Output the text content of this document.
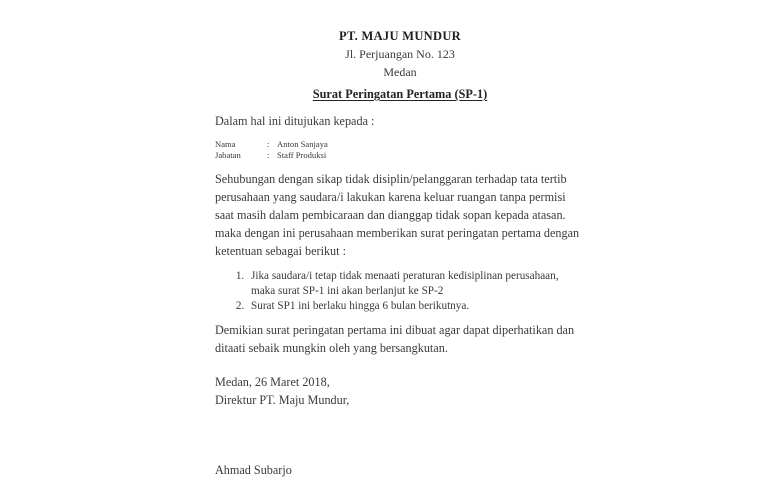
PT. MAJU MUNDUR
Jl. Perjuangan No. 123
Medan
Surat Peringatan Pertama (SP-1)
Dalam hal ini ditujukan kepada :
Nama	: Anton Sanjaya
Jabatan	: Staff Produksi
Sehubungan dengan sikap tidak disiplin/pelanggaran terhadap tata tertib perusahaan yang saudara/i lakukan karena keluar ruangan tanpa permisi saat masih dalam pembicaraan dan dianggap tidak sopan kepada atasan. maka dengan ini perusahaan memberikan surat peringatan pertama dengan ketentuan sebagai berikut :
1. Jika saudara/i tetap tidak menaati peraturan kedisiplinan perusahaan, maka surat SP-1 ini akan berlanjut ke SP-2
2. Surat SP1 ini berlaku hingga 6 bulan berikutnya.
Demikian surat peringatan pertama ini dibuat agar dapat diperhatikan dan ditaati sebaik mungkin oleh yang bersangkutan.
Medan, 26 Maret 2018,
Direktur PT. Maju Mundur,
Ahmad Subarjo
